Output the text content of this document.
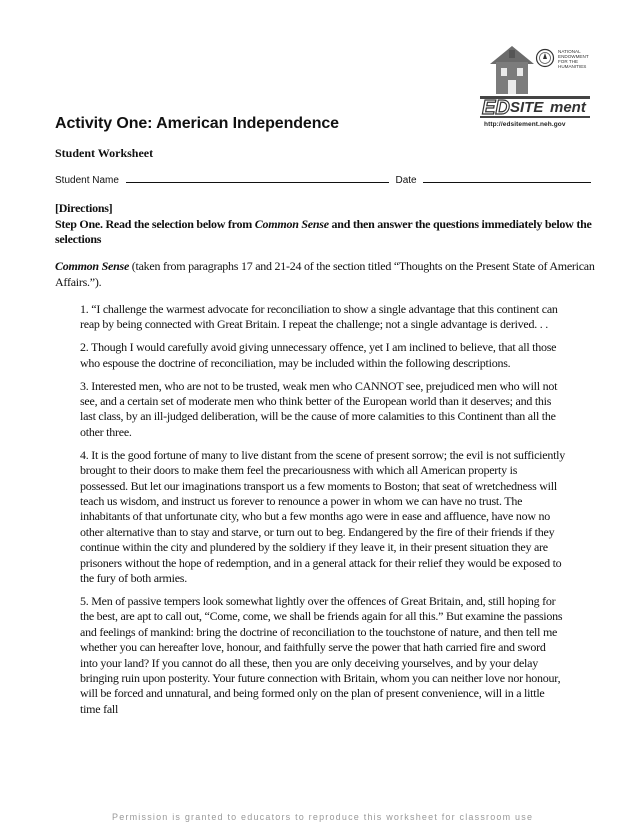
ED SITE ment
NATIONAL
ENDOWMENT
FOR THE
HUMANITIES
http://edsitement.neh.gov
Activity One: American Independence
Student Worksheet
Student Name	Date

[Directions]

Step One. Read the selection below from Common Sense and then answer the questions immediately below the selections

Common Sense (taken from paragraphs 17 and 21-24 of the section titled “Thoughts on the Present State of American Affairs.”).

1. “I challenge the warmest advocate for reconciliation to show a single advantage that this continent can reap by being connected with Great Britain. I repeat the challenge; not a single advantage is derived. . .

2. Though I would carefully avoid giving unnecessary offence, yet I am inclined to believe, that all those who espouse the doctrine of reconciliation, may be included within the following descriptions.

3. Interested men, who are not to be trusted, weak men who CANNOT see, prejudiced men who will not see, and a certain set of moderate men who think better of the European world than it deserves; and this last class, by an ill-judged deliberation, will be the cause of more calamities to this Continent than all the other three.

4. It is the good fortune of many to live distant from the scene of present sorrow; the evil is not sufficiently brought to their doors to make them feel the precariousness with which all American property is possessed. But let our imaginations transport us a few moments to Boston; that seat of wretchedness will teach us wisdom, and instruct us forever to renounce a power in whom we can have no trust. The inhabitants of that unfortunate city, who but a few months ago were in ease and affluence, have now no other alternative than to stay and starve, or turn out to beg. Endangered by the fire of their friends if they continue within the city and plundered by the soldiery if they leave it, in their present situation they are prisoners without the hope of redemption, and in a general attack for their relief they would be exposed to the fury of both armies.

5. Men of passive tempers look somewhat lightly over the offences of Great Britain, and, still hoping for the best, are apt to call out, “Come, come, we shall be friends again for all this.” But examine the passions and feelings of mankind: bring the doctrine of reconciliation to the touchstone of nature, and then tell me whether you can hereafter love, honour, and faithfully serve the power that hath carried fire and sword into your land? If you cannot do all these, then you are only deceiving yourselves, and by your delay bringing ruin upon posterity. Your future connection with Britain, whom you can neither love nor honour, will be forced and unnatural, and being formed only on the plan of present convenience, will in a little time fall

Permission is granted to educators to reproduce this worksheet for classroom use
